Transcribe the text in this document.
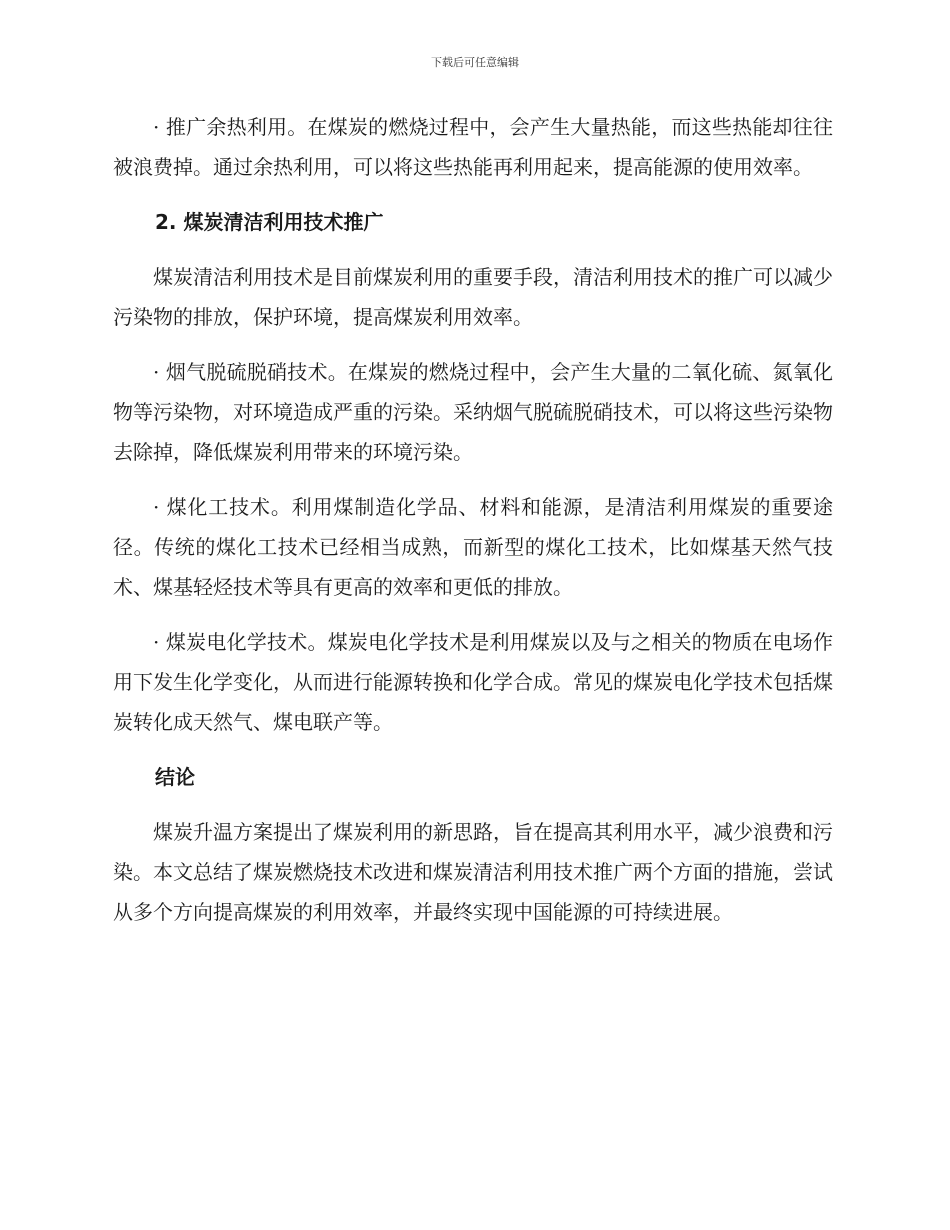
下载后可任意编辑

· 推广余热利用。在煤炭的燃烧过程中，会产生大量热能，而这些热能却往往被浪费掉。通过余热利用，可以将这些热能再利用起来，提高能源的使用效率。

2. 煤炭清洁利用技术推广

煤炭清洁利用技术是目前煤炭利用的重要手段，清洁利用技术的推广可以减少污染物的排放，保护环境，提高煤炭利用效率。

· 烟气脱硫脱硝技术。在煤炭的燃烧过程中，会产生大量的二氧化硫、氮氧化物等污染物，对环境造成严重的污染。采纳烟气脱硫脱硝技术，可以将这些污染物去除掉，降低煤炭利用带来的环境污染。

· 煤化工技术。利用煤制造化学品、材料和能源，是清洁利用煤炭的重要途径。传统的煤化工技术已经相当成熟，而新型的煤化工技术，比如煤基天然气技术、煤基轻烃技术等具有更高的效率和更低的排放。

· 煤炭电化学技术。煤炭电化学技术是利用煤炭以及与之相关的物质在电场作用下发生化学变化，从而进行能源转换和化学合成。常见的煤炭电化学技术包括煤炭转化成天然气、煤电联产等。

结论

煤炭升温方案提出了煤炭利用的新思路，旨在提高其利用水平，减少浪费和污染。本文总结了煤炭燃烧技术改进和煤炭清洁利用技术推广两个方面的措施，尝试从多个方向提高煤炭的利用效率，并最终实现中国能源的可持续进展。
